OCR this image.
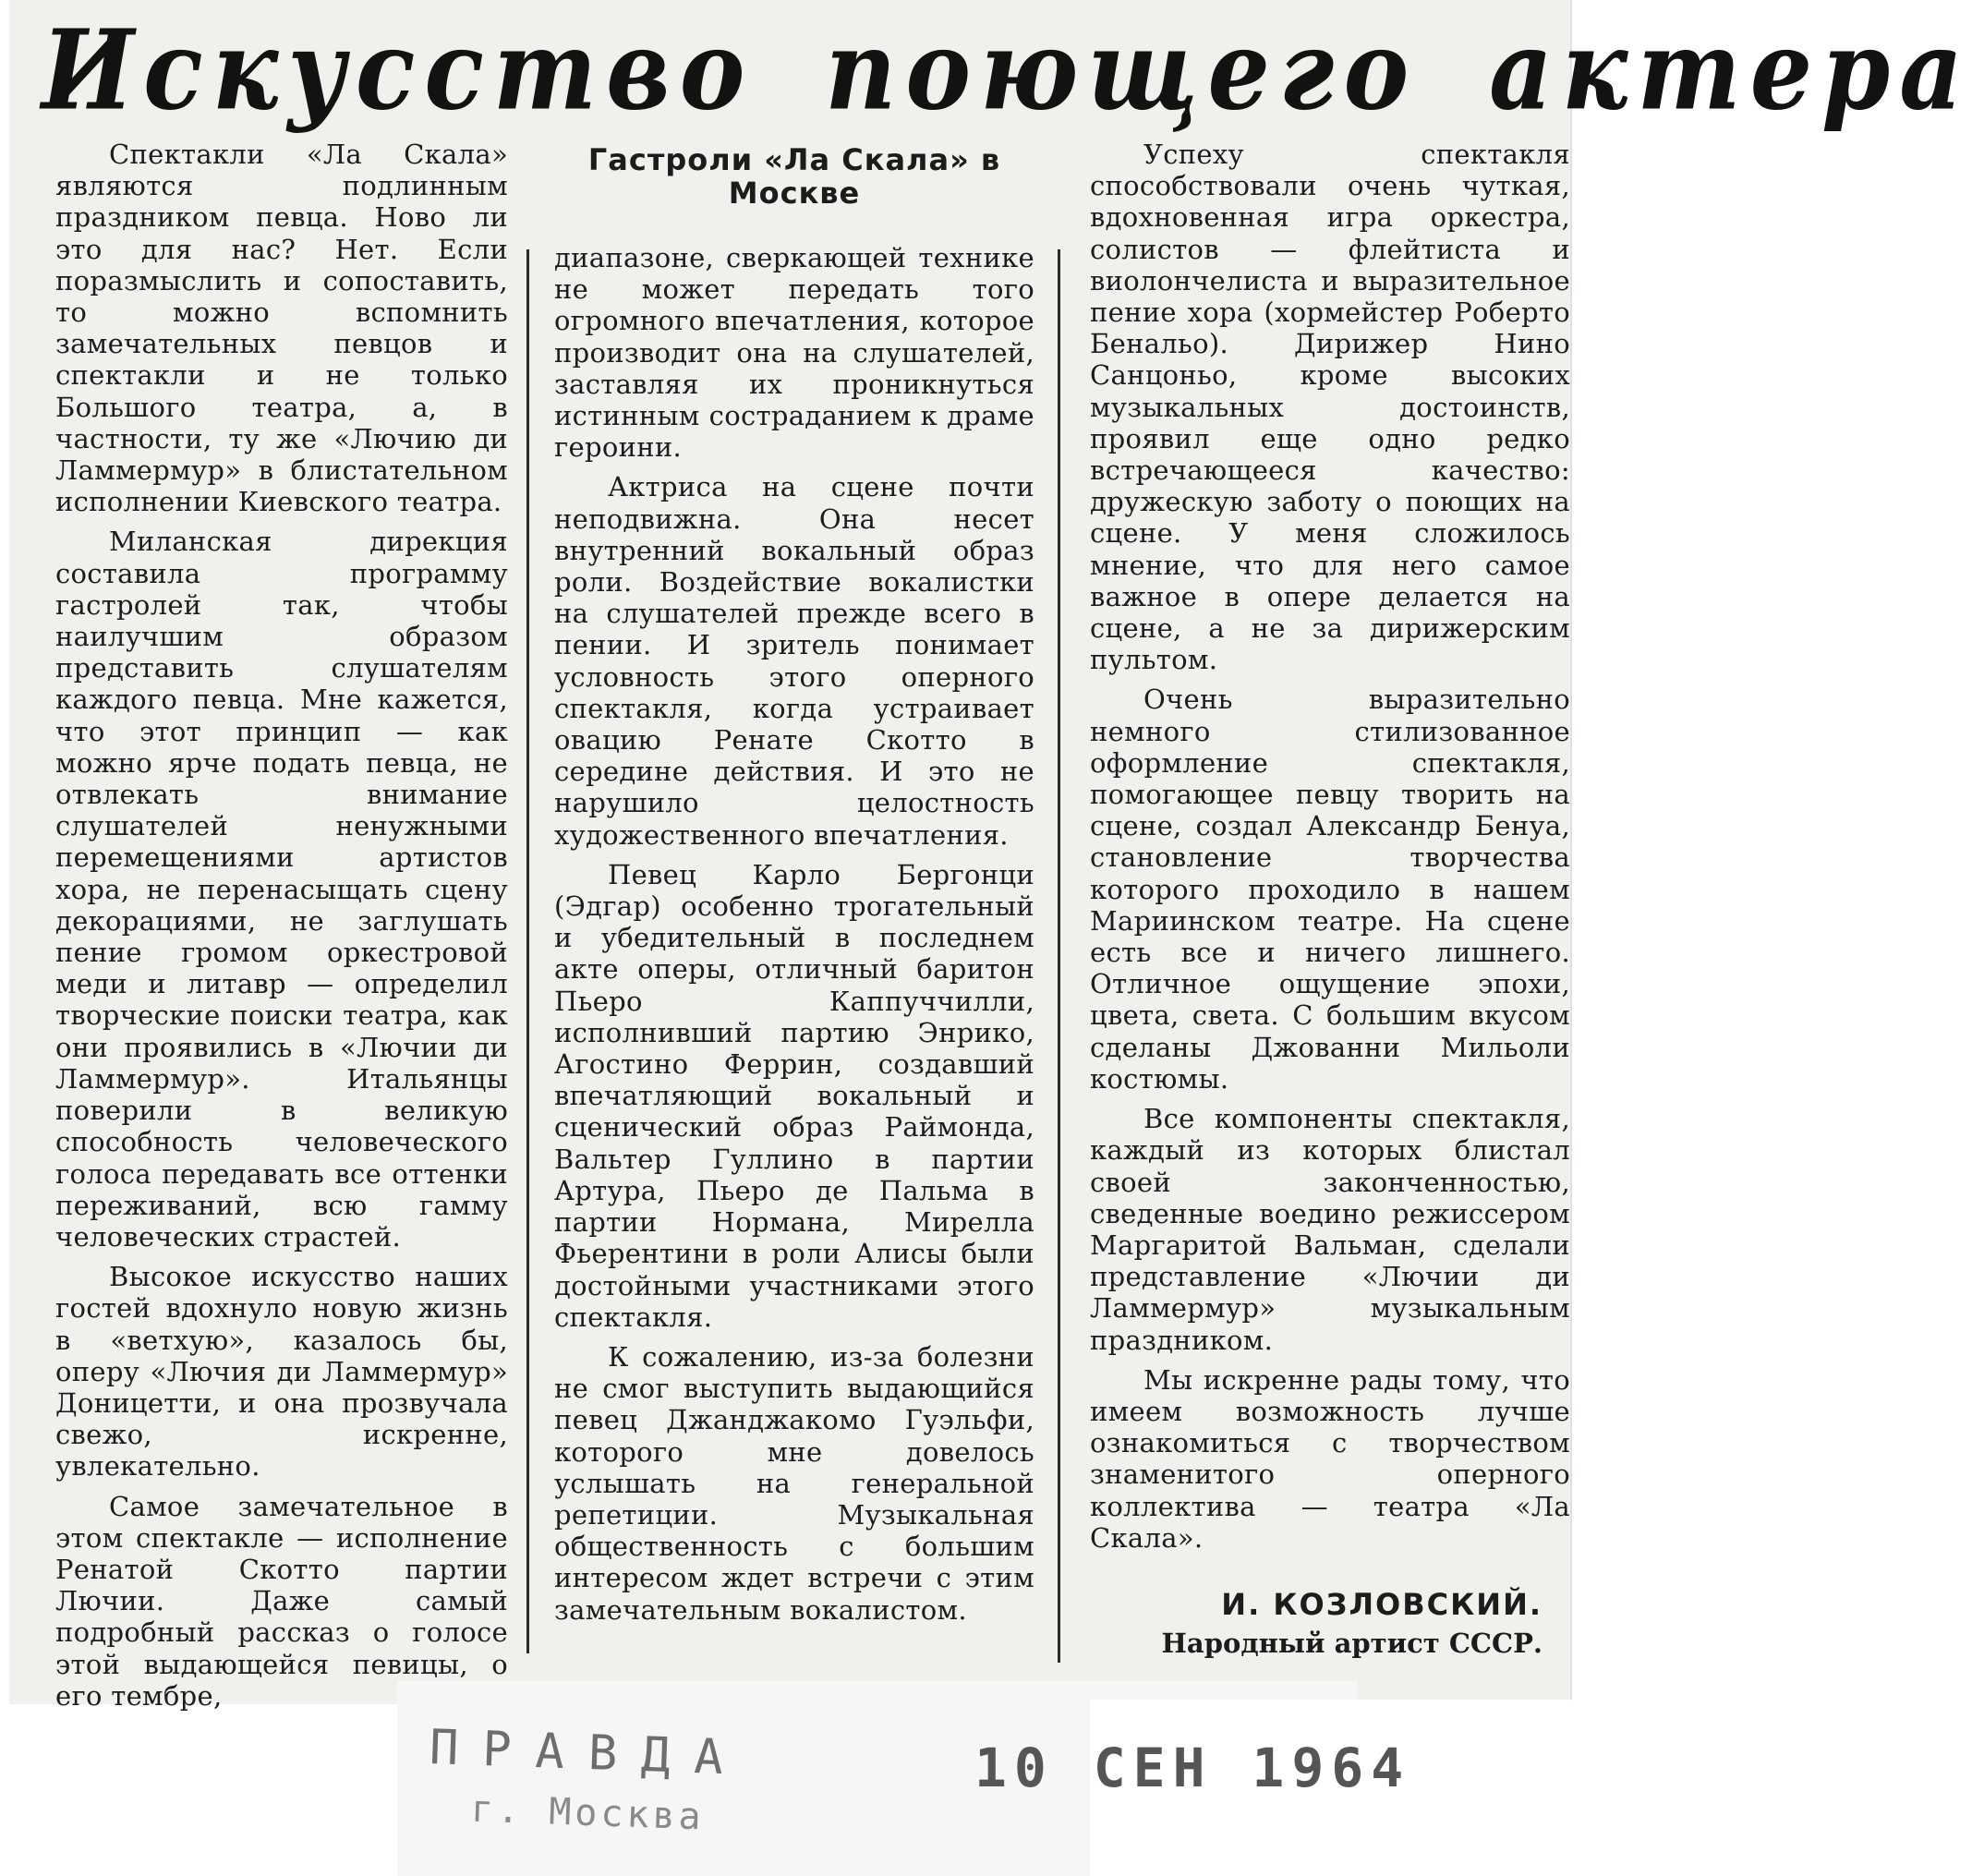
Искусство поющего актера

Спектакли «Ла Скала» являются подлинным праздником певца. Ново ли это для нас? Нет. Если поразмыслить и сопоставить, то можно вспомнить замечательных певцов и спектакли и не только Большого театра, а, в частности, ту же «Лючию ди Ламмермур» в блистательном исполнении Киевского театра.

Миланская дирекция составила программу гастролей так, чтобы наилучшим образом представить слушателям каждого певца. Мне кажется, что этот принцип — как можно ярче подать певца, не отвлекать внимание слушателей ненужными перемещениями артистов хора, не перенасыщать сцену декорациями, не заглушать пение громом оркестровой меди и литавр — определил творческие поиски театра, как они проявились в «Лючии ди Ламмермур». Итальянцы поверили в великую способность человеческого голоса передавать все оттенки переживаний, всю гамму человеческих страстей.

Высокое искусство наших гостей вдохнуло новую жизнь в «ветхую», казалось бы, оперу «Лючия ди Ламмермур» Доницетти, и она прозвучала свежо, искренне, увлекательно.

Самое замечательное в этом спектакле — исполнение Ренатой Скотто партии Лючии. Даже самый подробный рассказ о голосе этой выдающейся певицы, о его тембре,

Гастроли «Ла Скала» в Москве

диапазоне, сверкающей технике не может передать того огромного впечатления, которое производит она на слушателей, заставляя их проникнуться истинным состраданием к драме героини.

Актриса на сцене почти неподвижна. Она несет внутренний вокальный образ роли. Воздействие вокалистки на слушателей прежде всего в пении. И зритель понимает условность этого оперного спектакля, когда устраивает овацию Ренате Скотто в середине действия. И это не нарушило целостность художественного впечатления.

Певец Карло Бергонци (Эдгар) особенно трогательный и убедительный в последнем акте оперы, отличный баритон Пьеро Каппуччилли, исполнивший партию Энрико, Агостино Феррин, создавший впечатляющий вокальный и сценический образ Раймонда, Вальтер Гуллино в партии Артура, Пьеро де Пальма в партии Нормана, Мирелла Фьерентини в роли Алисы были достойными участниками этого спектакля.

К сожалению, из-за болезни не смог выступить выдающийся певец Джанджакомо Гуэльфи, которого мне довелось услышать на генеральной репетиции. Музыкальная общественность с большим интересом ждет встречи с этим замечательным вокалистом.

Успеху спектакля способствовали очень чуткая, вдохновенная игра оркестра, солистов — флейтиста и виолончелиста и выразительное пение хора (хормейстер Роберто Бенальо). Дирижер Нино Санцоньо, кроме высоких музыкальных достоинств, проявил еще одно редко встречающееся качество: дружескую заботу о поющих на сцене. У меня сложилось мнение, что для него самое важное в опере делается на сцене, а не за дирижерским пультом.

Очень выразительно немного стилизованное оформление спектакля, помогающее певцу творить на сцене, создал Александр Бенуа, становление творчества которого проходило в нашем Мариинском театре. На сцене есть все и ничего лишнего. Отличное ощущение эпохи, цвета, света. С большим вкусом сделаны Джованни Мильоли костюмы.

Все компоненты спектакля, каждый из которых блистал своей законченностью, сведенные воедино режиссером Маргаритой Вальман, сделали представление «Лючии ди Ламмермур» музыкальным праздником.

Мы искренне рады тому, что имеем возможность лучше ознакомиться с творчеством знаменитого оперного коллектива — театра «Ла Скала».

И. КОЗЛОВСКИЙ.
Народный артист СССР.
ПРАВДА
г. Москва
10 СЕН 1964
